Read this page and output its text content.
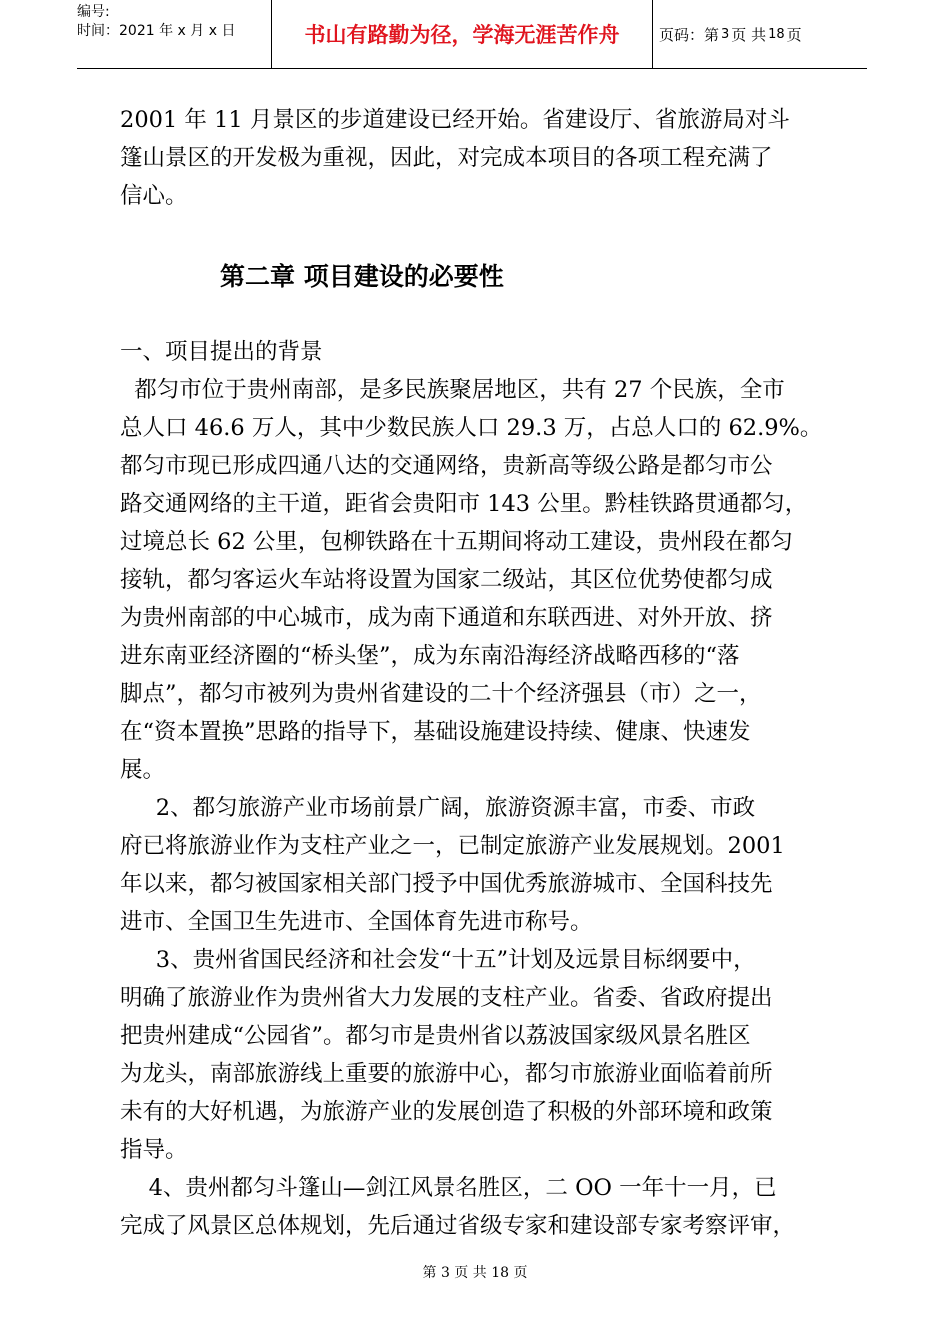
编号:
时间：2021 年 x 月 x 日	书山有路勤为径，学海无涯苦作舟	页码：第 3 页 共 18 页

2001 年 11 月景区的步道建设已经开始。省建设厅、省旅游局对斗

篷山景区的开发极为重视，因此，对完成本项目的各项工程充满了

信心。

第二章 项目建设的必要性

一、项目提出的背景

都匀市位于贵州南部，是多民族聚居地区，共有 27 个民族，全市

总人口 46.6 万人，其中少数民族人口 29.3 万，占总人口的 62.9%。

都匀市现已形成四通八达的交通网络，贵新高等级公路是都匀市公

路交通网络的主干道，距省会贵阳市 143 公里。黔桂铁路贯通都匀，

过境总长 62 公里，包柳铁路在十五期间将动工建设，贵州段在都匀

接轨，都匀客运火车站将设置为国家二级站，其区位优势使都匀成

为贵州南部的中心城市，成为南下通道和东联西进、对外开放、挤

进东南亚经济圈的“桥头堡”，成为东南沿海经济战略西移的“落

脚点”，都匀市被列为贵州省建设的二十个经济强县（市）之一，

在“资本置换”思路的指导下，基础设施建设持续、健康、快速发

展。

2、都匀旅游产业市场前景广阔，旅游资源丰富，市委、市政

府已将旅游业作为支柱产业之一，已制定旅游产业发展规划。2001

年以来，都匀被国家相关部门授予中国优秀旅游城市、全国科技先

进市、全国卫生先进市、全国体育先进市称号。

3、贵州省国民经济和社会发“十五”计划及远景目标纲要中，

明确了旅游业作为贵州省大力发展的支柱产业。省委、省政府提出

把贵州建成“公园省”。都匀市是贵州省以荔波国家级风景名胜区

为龙头，南部旅游线上重要的旅游中心，都匀市旅游业面临着前所

未有的大好机遇，为旅游产业的发展创造了积极的外部环境和政策

指导。

4、贵州都匀斗篷山—剑江风景名胜区，二 OO 一年十一月，已

完成了风景区总体规划，先后通过省级专家和建设部专家考察评审，

第 3 页 共 18 页
